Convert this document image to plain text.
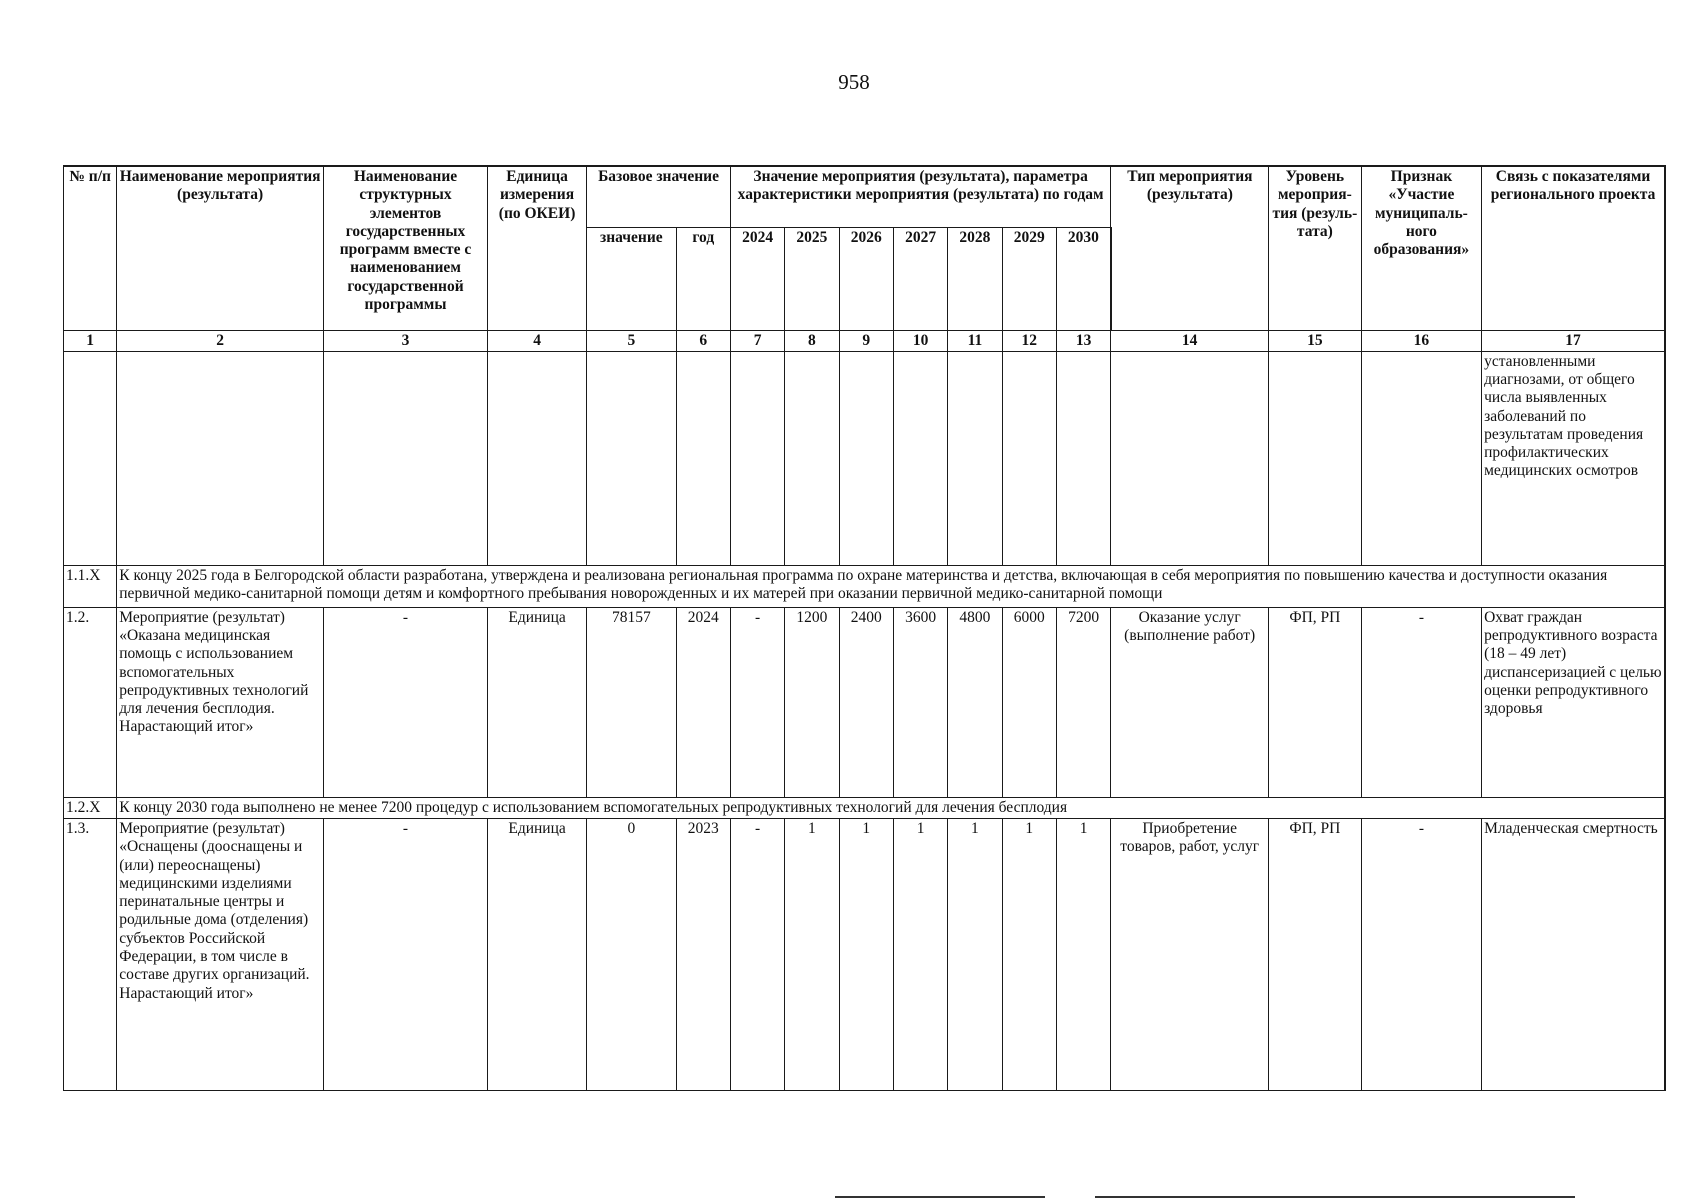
958
№ п/п	Наименование мероприятия (результата)	Наименование структурных элементов государственных программ вместе с наименованием государственной программы	Единица измерения (по ОКЕИ)	Базовое значение		Значение мероприятия (результата), параметра характеристики мероприятия (результата) по годам							Тип мероприятия (результата)	Уровень мероприя-тия (резуль-тата)	Признак «Участие муниципаль-ного образования»	Связь с показателями регионального проекта
				значение	год	2024	2025	2026	2027	2028	2029	2030				
1	2	3	4	5	6	7	8	9	10	11	12	13	14	15	16	17
																установленными диагнозами, от общего числа выявленных заболеваний по результатам проведения профилактических медицинских осмотров
1.1.X	К концу 2025 года в Белгородской области разработана, утверждена и реализована региональная программа по охране материнства и детства, включающая в себя мероприятия по повышению качества и доступности оказания первичной медико-санитарной помощи детям и комфортного пребывания новорожденных и их матерей при оказании первичной медико-санитарной помощи															
1.2.	Мероприятие (результат) «Оказана медицинская помощь с использованием вспомогательных репродуктивных технологий для лечения бесплодия. Нарастающий итог»	-	Единица	78157	2024	-	1200	2400	3600	4800	6000	7200	Оказание услуг (выполнение работ)	ФП, РП	-	Охват граждан репродуктивного возраста (18 – 49 лет) диспансеризацией с целью оценки репродуктивного здоровья
1.2.X	К концу 2030 года выполнено не менее 7200 процедур с использованием вспомогательных репродуктивных технологий для лечения бесплодия															
1.3.	Мероприятие (результат) «Оснащены (дооснащены и (или) переоснащены) медицинскими изделиями перинатальные центры и родильные дома (отделения) субъектов Российской Федерации, в том числе в составе других организаций. Нарастающий итог»	-	Единица	0	2023	-	1	1	1	1	1	1	Приобретение товаров, работ, услуг	ФП, РП	-	Младенческая смертность
